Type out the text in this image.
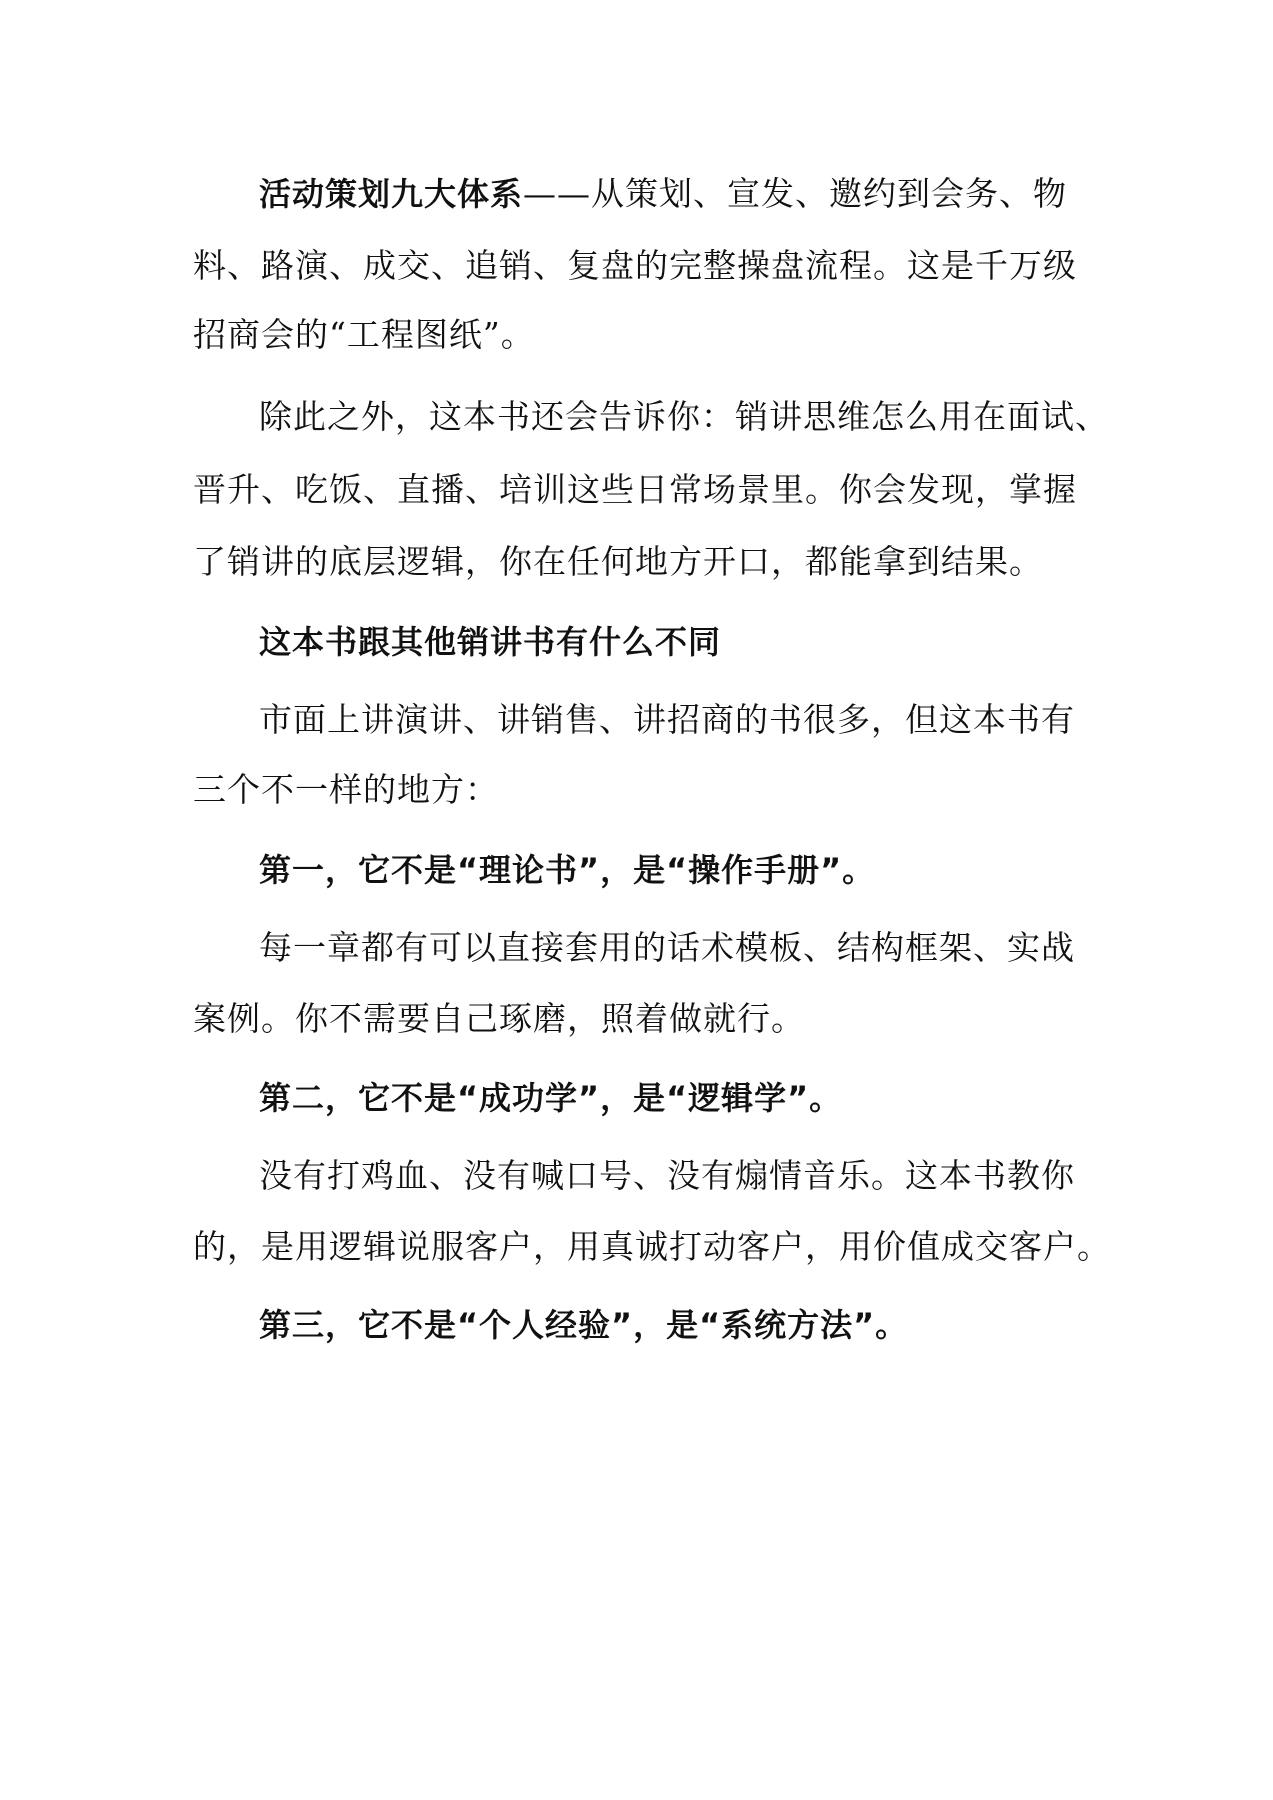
活动策划九大体系——从策划、宣发、邀约到会务、物
料、路演、成交、追销、复盘的完整操盘流程。这是千万级
招商会的“工程图纸”。
除此之外，这本书还会告诉你：销讲思维怎么用在面试、
晋升、吃饭、直播、培训这些日常场景里。你会发现，掌握
了销讲的底层逻辑，你在任何地方开口，都能拿到结果。
这本书跟其他销讲书有什么不同
市面上讲演讲、讲销售、讲招商的书很多，但这本书有
三个不一样的地方：
第一，它不是“理论书”，是“操作手册”。
每一章都有可以直接套用的话术模板、结构框架、实战
案例。你不需要自己琢磨，照着做就行。
第二，它不是“成功学”，是“逻辑学”。
没有打鸡血、没有喊口号、没有煽情音乐。这本书教你
的，是用逻辑说服客户，用真诚打动客户，用价值成交客户。
第三，它不是“个人经验”，是“系统方法”。
